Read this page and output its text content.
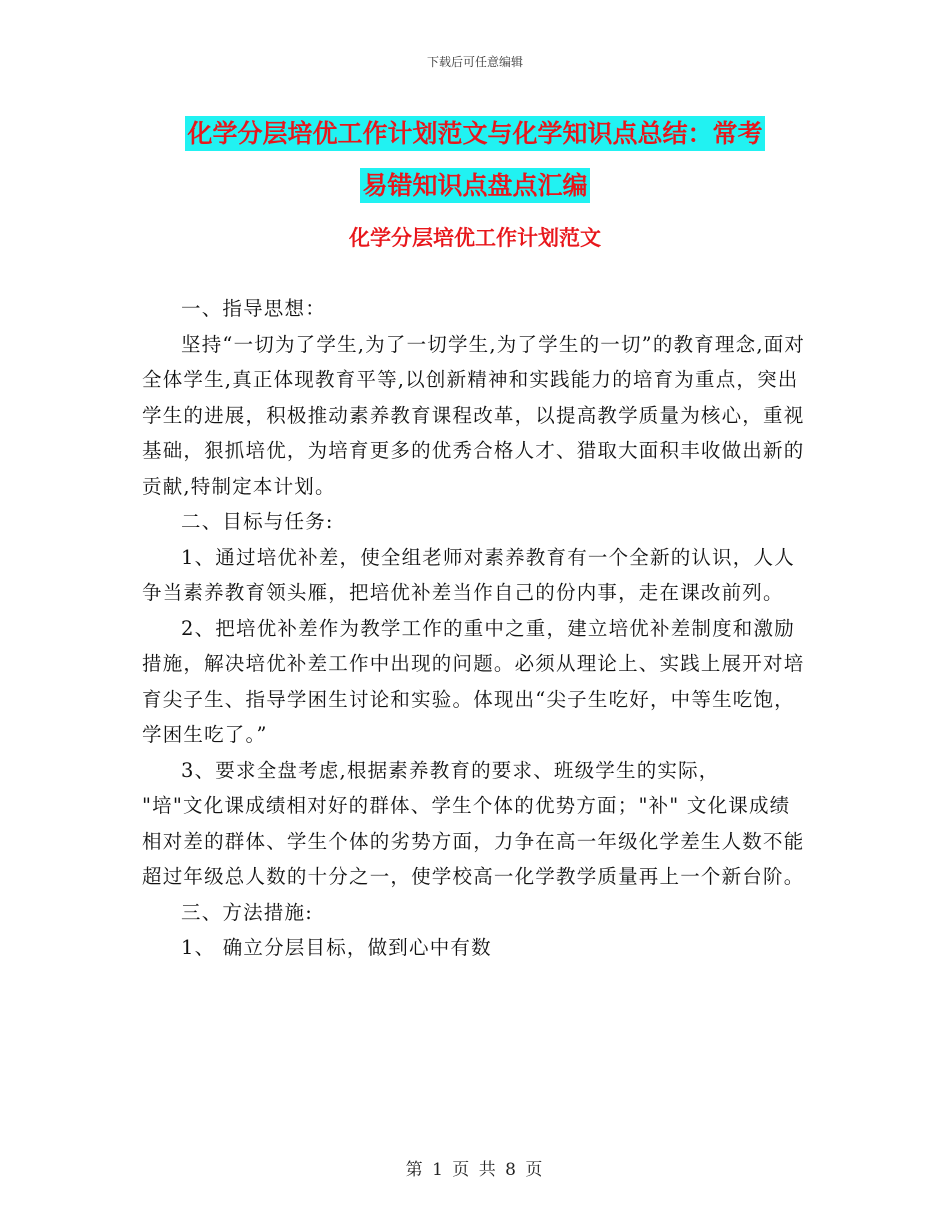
下载后可任意编辑
化学分层培优工作计划范文与化学知识点总结：常考
易错知识点盘点汇编
化学分层培优工作计划范文

一、指导思想：

坚持“一切为了学生,为了一切学生,为了学生的一切”的教育理念,面对全体学生,真正体现教育平等,以创新精神和实践能力的培育为重点，突出学生的进展，积极推动素养教育课程改革，以提高教学质量为核心，重视基础，狠抓培优，为培育更多的优秀合格人才、猎取大面积丰收做出新的贡献,特制定本计划。

二、目标与任务:

1、通过培优补差，使全组老师对素养教育有一个全新的认识，人人争当素养教育领头雁，把培优补差当作自己的份内事，走在课改前列。

2、把培优补差作为教学工作的重中之重，建立培优补差制度和激励措施，解决培优补差工作中出现的问题。必须从理论上、实践上展开对培育尖子生、指导学困生讨论和实验。体现出“尖子生吃好，中等生吃饱，学困生吃了。”

3、要求全盘考虑,根据素养教育的要求、班级学生的实际，

"培"文化课成绩相对好的群体、学生个体的优势方面；"补" 文化课成绩相对差的群体、学生个体的劣势方面，力争在高一年级化学差生人数不能超过年级总人数的十分之一，使学校高一化学教学质量再上一个新台阶。

三、方法措施:

1、 确立分层目标，做到心中有数

第 1 页 共 8 页
